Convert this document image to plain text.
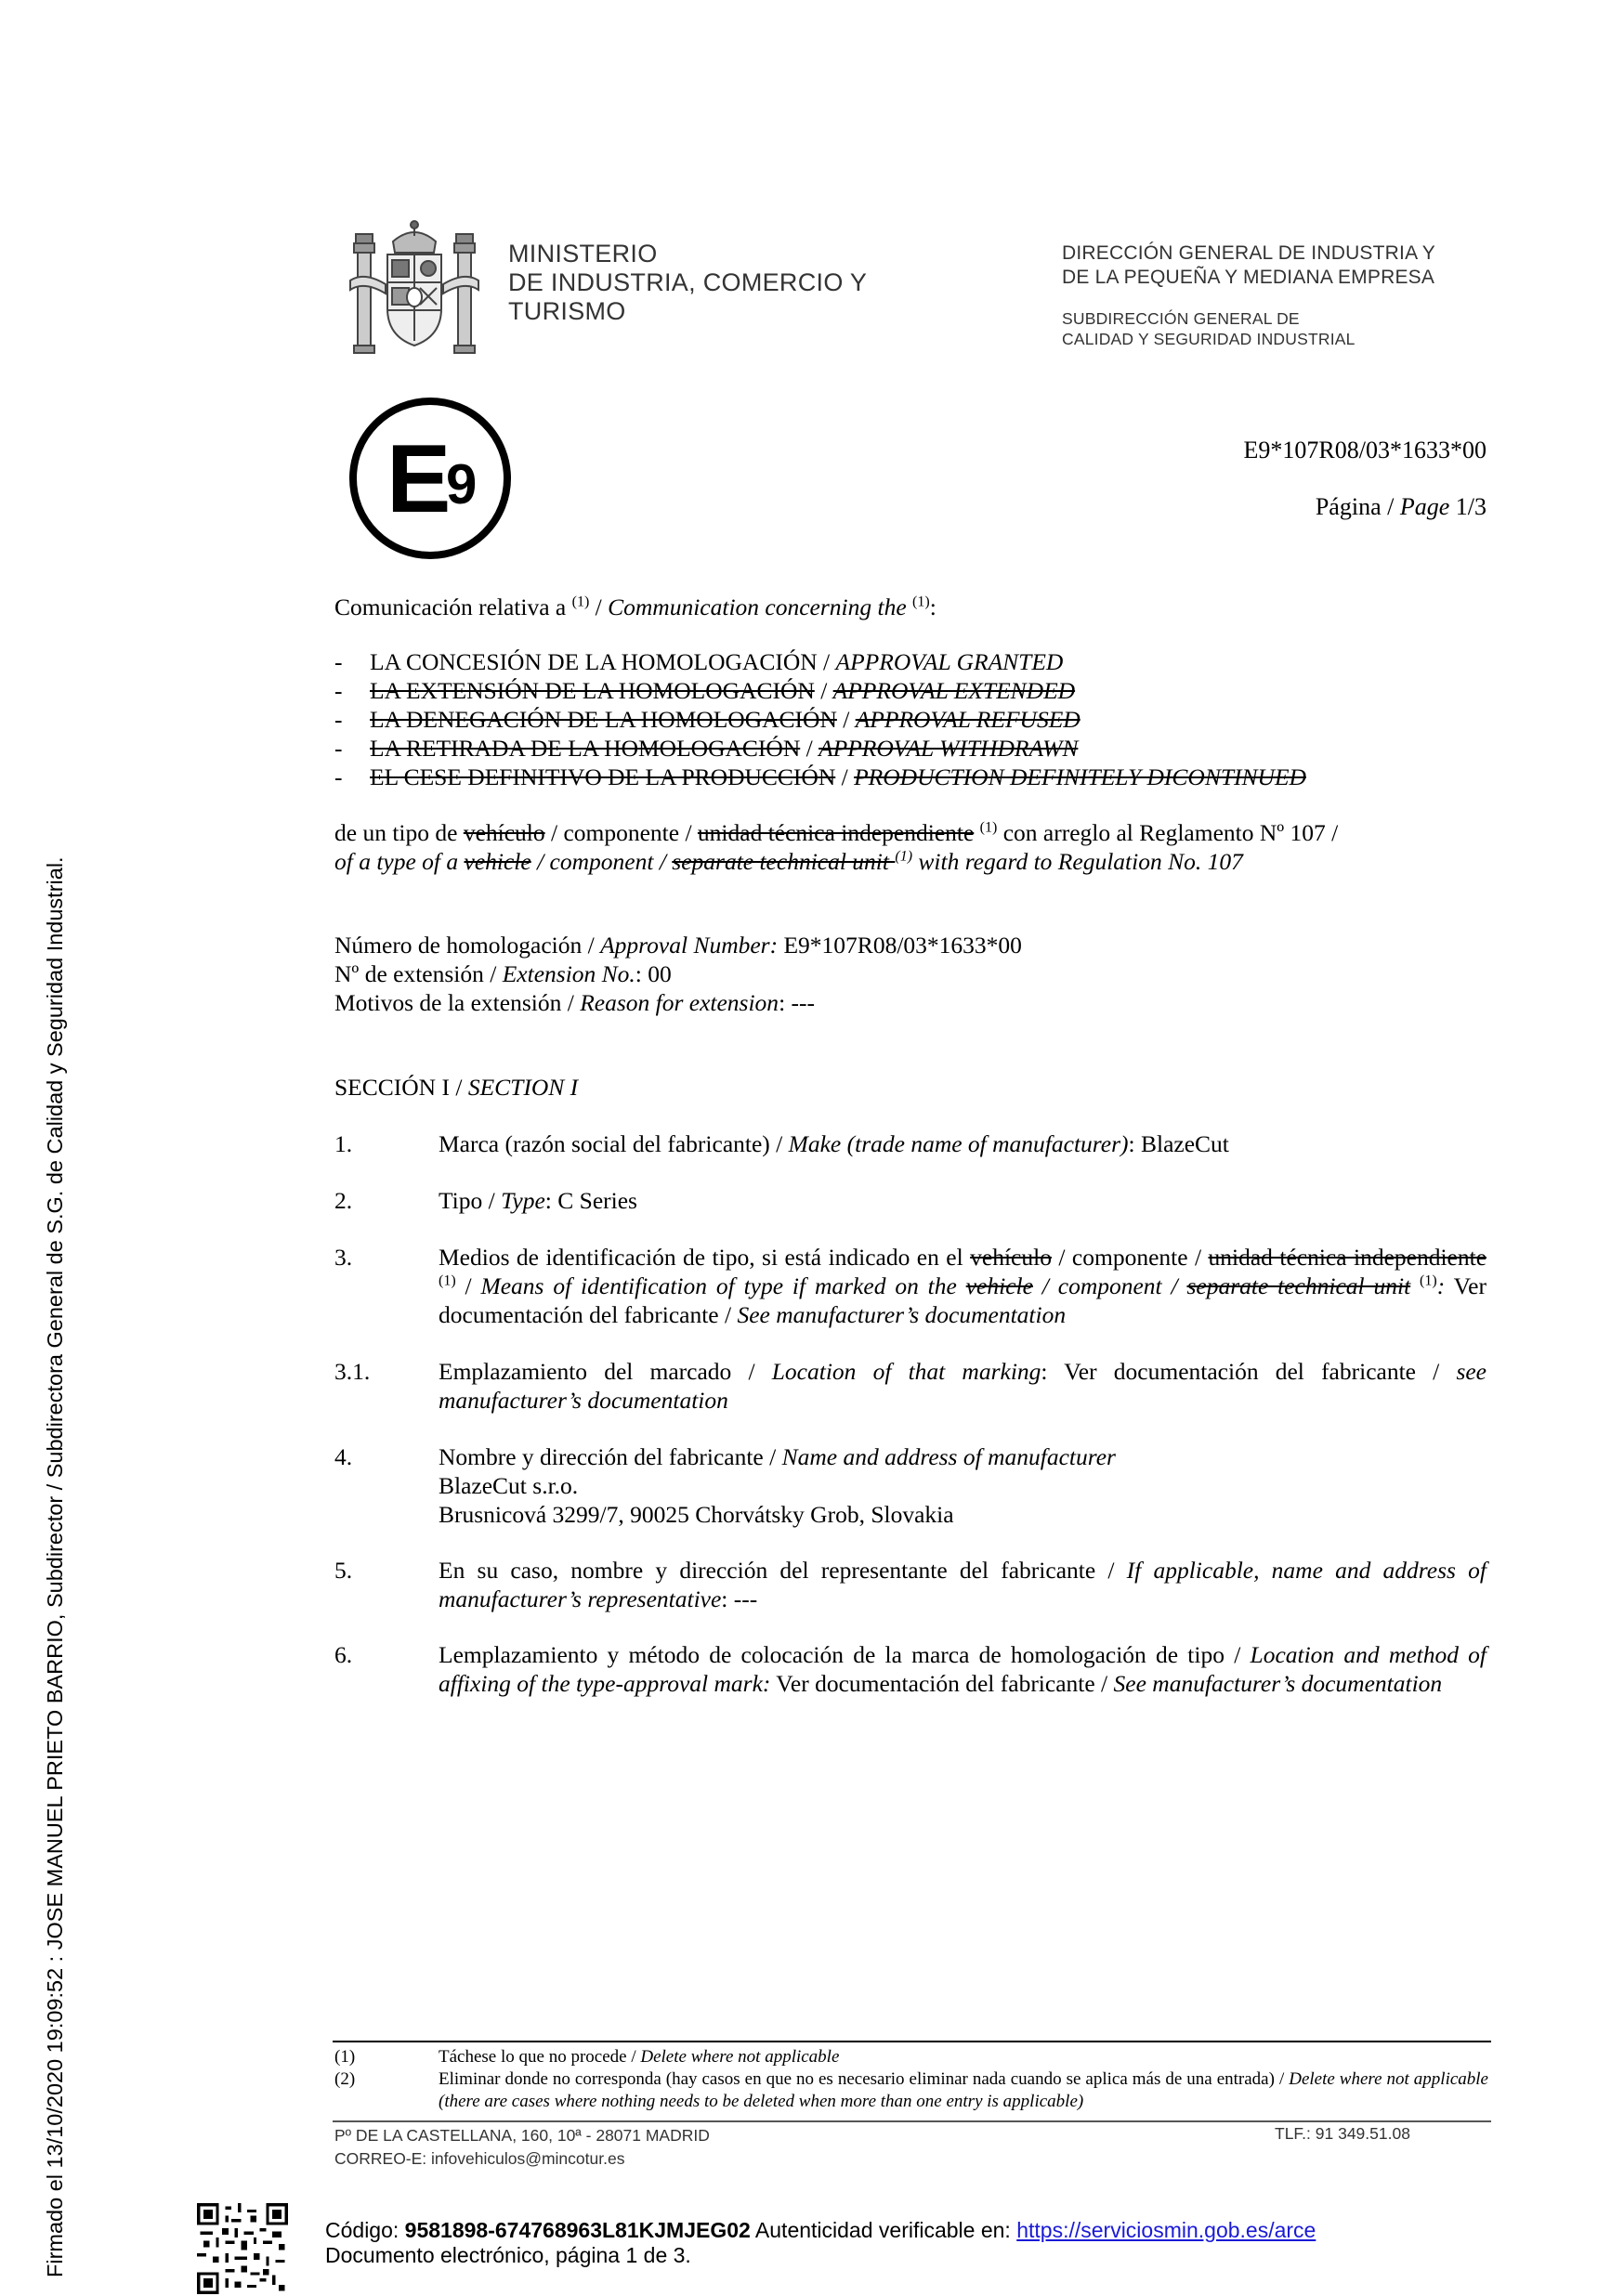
MINISTERIO
DE INDUSTRIA, COMERCIO Y
TURISMO
DIRECCIÓN GENERAL DE INDUSTRIA Y
DE LA PEQUEÑA Y MEDIANA EMPRESA
SUBDIRECCIÓN GENERAL DE
CALIDAD Y SEGURIDAD INDUSTRIAL
E
9
E9*107R08/03*1633*00
Página / Page 1/3
Comunicación relativa a $^{(1)}$ / Communication concerning the $^{(1)}$:
-	LA CONCESIÓN DE LA HOMOLOGACIÓN / APPROVAL GRANTED
-	LA EXTENSIÓN DE LA HOMOLOGACIÓN / APPROVAL EXTENDED
-	LA DENEGACIÓN DE LA HOMOLOGACIÓN / APPROVAL REFUSED
-	LA RETIRADA DE LA HOMOLOGACIÓN / APPROVAL WITHDRAWN
-	EL CESE DEFINITIVO DE LA PRODUCCIÓN / PRODUCTION DEFINITELY DICONTINUED
de un tipo de vehículo / componente / unidad técnica independiente $^{(1)}$ con arreglo al Reglamento Nº 107 /
of a type of a vehicle / component / separate technical unit $^{(1)}$ with regard to Regulation No. 107
Número de homologación / Approval Number: E9*107R08/03*1633*00
Nº de extensión / Extension No.: 00
Motivos de la extensión / Reason for extension: ---
SECCIÓN I / SECTION I
1.	Marca (razón social del fabricante) / Make (trade name of manufacturer): BlazeCut
2.	Tipo / Type: C Series
3.	Medios de identificación de tipo, si está indicado en el vehículo / componente / unidad técnica independiente $^{(1)}$ / Means of identification of type if marked on the vehicle / component / separate technical unit $^{(1)}$: Ver documentación del fabricante / See manufacturer’s documentation
3.1.	Emplazamiento del marcado / Location of that marking: Ver documentación del fabricante / see manufacturer’s documentation
4.	Nombre y dirección del fabricante / Name and address of manufacturer
BlazeCut s.r.o.
Brusnicová 3299/7, 90025 Chorvátsky Grob, Slovakia
5.	En su caso, nombre y dirección del representante del fabricante / If applicable, name and address of manufacturer’s representative: ---
6.	Lemplazamiento y método de colocación de la marca de homologación de tipo / Location and method of affixing of the type-approval mark: Ver documentación del fabricante / See manufacturer’s documentation
(1)	Táchese lo que no procede / Delete where not applicable
(2)	Eliminar donde no corresponda (hay casos en que no es necesario eliminar nada cuando se aplica más de una entrada) / Delete where not applicable (there are cases where nothing needs to be deleted when more than one entry is applicable)
Pº DE LA CASTELLANA, 160, 10ª - 28071 MADRID
CORREO-E: infovehiculos@mincotur.es
TLF.: 91 349.51.08
Firmado el 13/10/2020 19:09:52 : JOSE MANUEL PRIETO BARRIO, Subdirector / Subdirectora General de S.G. de Calidad y Seguridad Industrial.	Código: 9581898-674768963L81KJMJEG02 Autenticidad verificable en: https://serviciosmin.gob.es/arce
Documento electrónico, página 1 de 3.
